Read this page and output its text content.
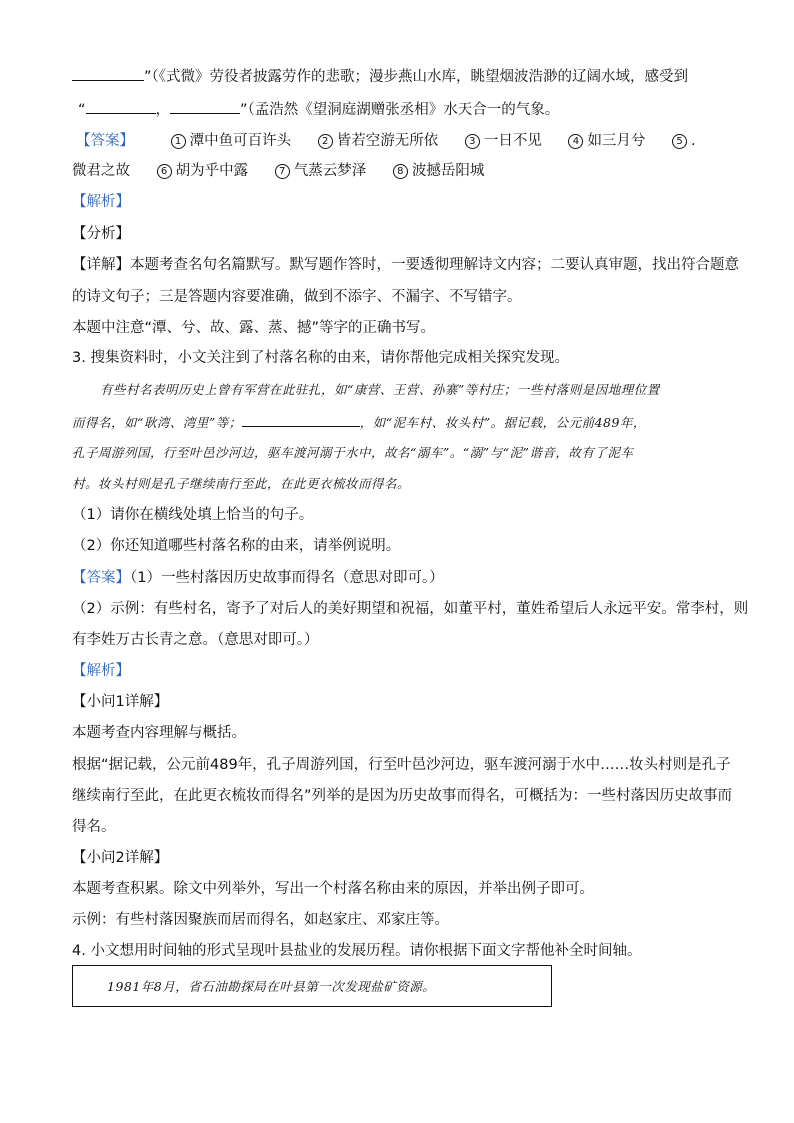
”（《式微》劳役者披露劳作的悲歌；漫步燕山水库，眺望烟波浩渺的辽阔水域，感受到
“	，	”（孟浩然《望洞庭湖赠张丞相》水天合一的气象。
【答案】	1 潭中鱼可百许头	2 皆若空游无所依	3 一日不见	4 如三月兮	5 .
微君之故	6 胡为乎中露	7 气蒸云梦泽	8 波撼岳阳城
【解析】
【分析】
【详解】本题考查名句名篇默写。默写题作答时，一要透彻理解诗文内容；二要认真审题，找出符合题意
的诗文句子；三是答题内容要准确，做到不添字、不漏字、不写错字。
本题中注意“潭、兮、故、露、蒸、撼”等字的正确书写。
3. 搜集资料时，小文关注到了村落名称的由来，请你帮他完成相关探究发现。
有些村名表明历史上曾有军营在此驻扎，如“康营、王营、孙寨”等村庄；一些村落则是因地理位置
而得名，如“耿湾、湾里”等；	，如“泥车村、妆头村”。据记载，公元前489年，
孔子周游列国，行至叶邑沙河边，驱车渡河溺于水中，故名“溺车”。“溺”与“泥”谐音，故有了泥车
村。妆头村则是孔子继续南行至此，在此更衣梳妆而得名。
（1）请你在横线处填上恰当的句子。
（2）你还知道哪些村落名称的由来，请举例说明。
【答案】（1）一些村落因历史故事而得名（意思对即可。）
（2）示例：有些村名，寄予了对后人的美好期望和祝福，如董平村，董姓希望后人永远平安。常李村，则
有李姓万古长青之意。（意思对即可。）
【解析】
【小问1详解】
本题考查内容理解与概括。
根据“据记载，公元前489年，孔子周游列国，行至叶邑沙河边，驱车渡河溺于水中……妆头村则是孔子
继续南行至此，在此更衣梳妆而得名”列举的是因为历史故事而得名，可概括为：一些村落因历史故事而
得名。
【小问2详解】
本题考查积累。除文中列举外，写出一个村落名称由来的原因，并举出例子即可。
示例：有些村落因聚族而居而得名，如赵家庄、邓家庄等。
4. 小文想用时间轴的形式呈现叶县盐业的发展历程。请你根据下面文字帮他补全时间轴。
1981年8月，省石油勘探局在叶县第一次发现盐矿资源。
